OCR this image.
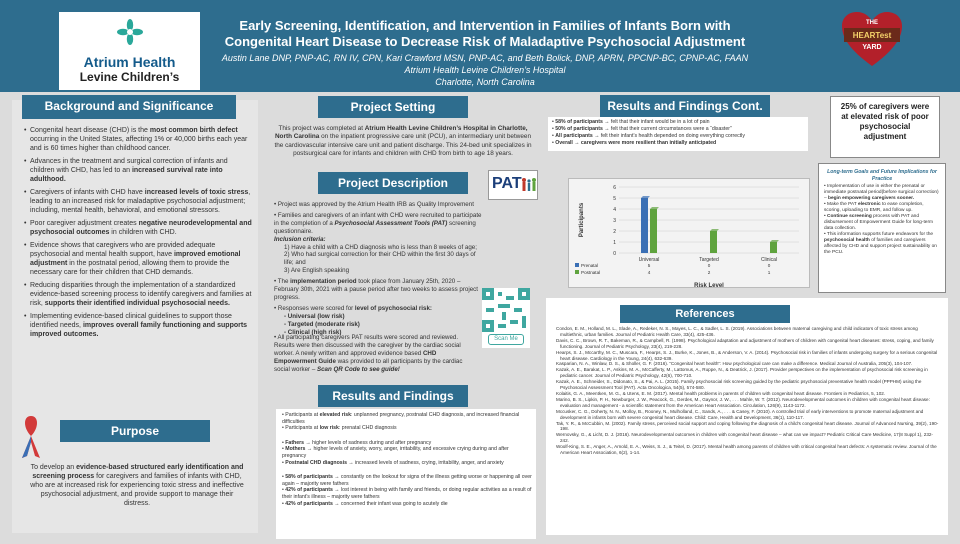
Atrium Health
Levine Children’s
Early Screening, Identification, and Intervention in Families of Infants Born with Congenital Heart Disease to Decrease Risk of Maladaptive Psychosocial Adjustment
Austin Lane DNP, PNP-AC, RN IV, CPN, Kari Crawford MSN, PNP-AC, and Beth Bolick, DNP, APRN, PPCNP-BC, CPNP-AC, FAAN
Atrium Health Levine Children’s Hospital
Charlotte, North Carolina
THE
HEARTest
YARD
Background and Significance
• Congenital heart disease (CHD) is the most common birth defect occurring in the United States, affecting 1% or 40,000 births each year and is 60 times higher than childhood cancer.
• Advances in the treatment and surgical correction of infants and children with CHD, has led to an increased survival rate into adulthood.
• Caregivers of infants with CHD have increased levels of toxic stress, leading to an increased risk for maladaptive psychosocial adjustment; including, mental health, behavioral, and emotional stressors.
• Poor caregiver adjustment creates negative neurodevelopmental and psychosocial outcomes in children with CHD.
• Evidence shows that caregivers who are provided adequate psychosocial and mental health support, have improved emotional adjustment in the postnatal period, allowing them to provide the necessary care for their children that CHD demands.
• Reducing disparities through the implementation of a standardized evidence-based screening process to identify caregivers and families at risk, supports their identified individual psychosocial needs.
• Implementing evidence-based clinical guidelines to support those identified needs, improves overall family functioning and supports improved outcomes.
Purpose
To develop an evidence-based structured early identification and screening process for caregivers and families of infants with CHD, who are at increased risk for experiencing toxic stress and ineffective psychosocial adjustment, and provide support to manage their distress.
Project Setting
This project was completed at Atrium Health Levine Children’s Hospital in Charlotte, North Carolina on the inpatient progressive care unit (PCU), an intermediary unit between the cardiovascular intensive care unit and patient discharge. This 24-bed unit specializes in postsurgical care for infants and children with CHD from birth to age 18 years.
Project Description	PAT
• Project was approved by the Atrium Health IRB as Quality Improvement
• Families and caregivers of an infant with CHD were recruited to participate in the completion of a Psychosocial Assessment Tools (PAT) screening questionnaire.
Inclusion criteria:
1) Have a child with a CHD diagnosis who is less than 8 weeks of age;
2) Who had surgical correction for their CHD within the first 30 days of life; and
3) Are English speaking
• The implementation period took place from January 25th, 2020 – February 30th, 2021 with a pause period after two weeks to assess project progress.
• Responses were scored for level of psychosocial risk:
- Universal (low risk)
- Targeted (moderate risk)
- Clinical (high risk)
• All participating caregivers PAT results were scored and reviewed. Results were then discussed with the caregiver by the cardiac social worker. A newly written and approved evidence based CHD Empowerment Guide was provided to all participants by the cardiac social worker – Scan QR Code to see guide!
Scan Me
Results and Findings
• Participants at elevated risk: unplanned pregnancy, postnatal CHD diagnosis, and increased financial difficulties
• Participants at low risk: prenatal CHD diagnosis
• Fathers → higher levels of sadness during and after pregnancy
• Mothers → higher levels of anxiety, worry, anger, irritability, and excessive crying during and after pregnancy
• Postnatal CHD diagnosis → increased levels of sadness, crying, irritability, anger, and anxiety
• 58% of participants → constantly on the lookout for signs of the illness getting worse or happening all over again – majority were fathers
• 42% of participants → lost interest in being with family and friends, or doing regular activities as a result of their infant’s illness – majority were fathers
• 42% of participants → concerned their infant was going to acutely die
Results and Findings Cont.
• 58% of participants → felt that their infant would be in a lot of pain
• 50% of participants → felt that their current circumstances were a “disaster”
• All participants → felt their infant’s health depended on doing everything correctly
• Overall → caregivers were more resilient than initially anticipated
0
1
2
3
4
5
6
Participants
Universal	Targeted	Clinical
Prenatal	5	0	0
Postnatal	4	2	1
Risk Level
25% of caregivers were at elevated risk of poor psychosocial adjustment
Long-term Goals and Future Implications for Practice
• Implementation of use in either the prenatal or immediate postnatal period(before surgical correction) – begin empowering caregivers sooner.
• Make the PAT electronic to ease completion, scoring, uploading to EMR, and follow up.
• Continue screening process with PAT and disbursement of Empowerment Guide for long-term data collection.
• This information supports future endeavors for the psychosocial health of families and caregivers affected by CHD and support project sustainability on the PCU.
References
Condon, E. M., Holland, M. L., Slade, A., Redeker, N. S., Mayes, L. C., & Sadler, L. S. (2019). Associations between maternal caregiving and child indicators of toxic stress among multiethnic, urban families. Journal of Pediatric Health Care, 33(4), 425-436.
Davis, C. C., Brown, R. T., Bakeman, R., & Campbell, R. (1998). Psychological adaptation and adjustment of mothers of children with congenital heart diseases: stress, coping, and family functioning. Journal of Pediatric Psychology, 23(4), 219-228.
Hearps, S. J., Mccarthy, M. C., Muscara, F., Hearps, S. J., Burke, K., Jones, B., & Anderson, V. A. (2014). Psychosocial risk in families of infants undergoing surgery for a serious congenital heart disease. Cardiology in the Young, 24(4), 632-639.
Kasparian, N. A., Winlaw, D. S., & Sholler, G. F. (2016). “Congenital heart health”: How psychological care can make a difference. Medical Journal of Australia, 205(3), 104-107.
Kazak, A. E., Barakat, L. P., Askins, M. A., McCafferty, M., Lattomus, A., Ruppe, N., & Deatrick, J. (2017). Provider perspectives on the implementation of psychosocial risk screening in pediatric cancer. Journal of Pediatric Psychology, 42(6), 700-710.
Kazak, A. E., Schneider, S., Didonato, S., & Pai, A. L. (2015). Family psychosocial risk screening guided by the pediatric psychosocial preventative health model (PPPHM) using the Psychosocial Assessment Tool (PAT). Acta Oncologica, 54(5), 574-580.
Kolaitis, G. A., Meentken, M. G., & Utens, E. M. (2017). Mental health problems in parents of children with congenital heart disease. Frontiers in Pediatrics, 5, 102.
Marino, B. S., Lipkin, P. H., Newburger, J. W., Peacock, G., Gerdes, M., Gaynor, J. W., . . . Mahle, W. T. (2012). Neurodevelopmental outcomes in children with congenital heart disease: evaluation and management - a scientific statement from the American Heart Association. Circulation, 126(9), 1143-1172.
Mccusker, C. G., Doherty, N. N., Molloy, B., Rooney, N., Mulholland, C., Sands, A., . . . & Casey, F. (2010). A controlled trial of early interventions to promote maternal adjustment and development in infants born with severe congenital heart disease. Child: Care, Health and Development, 36(1), 110-117.
Tak, Y. R., & McCubbin, M. (2002). Family stress, perceived social support and coping following the diagnosis of a child’s congenital heart disease. Journal of Advanced Nursing, 39(2), 190-198.
Wernovsky, G., & Licht, D. J. (2016). Neurodevelopmental outcomes in children with congenital heart disease – what can we impact? Pediatric Critical Care Medicine, 17(8 Suppl 1), 232-242.
Woolf-King, S. E., Anger, A., Arnold, E. A., Weiss, S. J., & Teitel, D. (2017). Mental health among parents of children with critical congenital heart defects: A systematic review. Journal of the American Heart Association, 6(2), 1-14.
